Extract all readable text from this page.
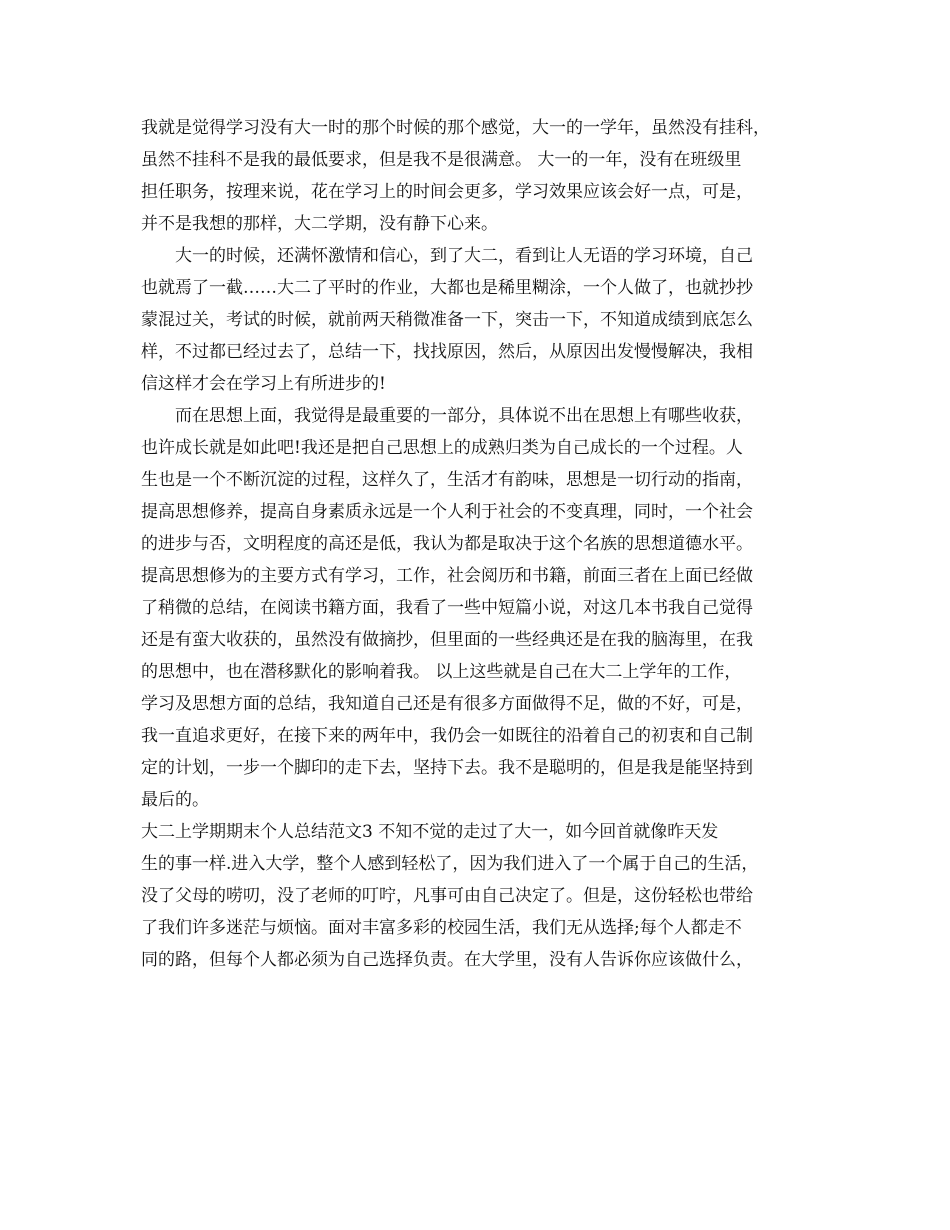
我就是觉得学习没有大一时的那个时候的那个感觉，大一的一学年，虽然没有挂科，
虽然不挂科不是我的最低要求，但是我不是很满意。 大一的一年，没有在班级里
担任职务，按理来说，花在学习上的时间会更多，学习效果应该会好一点，可是，
并不是我想的那样，大二学期，没有静下心来。
大一的时候，还满怀激情和信心，到了大二，看到让人无语的学习环境，自己
也就焉了一截……大二了平时的作业，大都也是稀里糊涂，一个人做了，也就抄抄
蒙混过关，考试的时候，就前两天稍微准备一下，突击一下，不知道成绩到底怎么
样，不过都已经过去了，总结一下，找找原因，然后，从原因出发慢慢解决，我相
信这样才会在学习上有所进步的!
而在思想上面，我觉得是最重要的一部分，具体说不出在思想上有哪些收获，
也许成长就是如此吧!我还是把自己思想上的成熟归类为自己成长的一个过程。人
生也是一个不断沉淀的过程，这样久了，生活才有韵味，思想是一切行动的指南，
提高思想修养，提高自身素质永远是一个人利于社会的不变真理，同时，一个社会
的进步与否，文明程度的高还是低，我认为都是取决于这个名族的思想道德水平。
提高思想修为的主要方式有学习，工作，社会阅历和书籍，前面三者在上面已经做
了稍微的总结，在阅读书籍方面，我看了一些中短篇小说，对这几本书我自己觉得
还是有蛮大收获的，虽然没有做摘抄，但里面的一些经典还是在我的脑海里，在我
的思想中，也在潜移默化的影响着我。 以上这些就是自己在大二上学年的工作，
学习及思想方面的总结，我知道自己还是有很多方面做得不足，做的不好，可是，
我一直追求更好，在接下来的两年中，我仍会一如既往的沿着自己的初衷和自己制
定的计划，一步一个脚印的走下去，坚持下去。我不是聪明的，但是我是能坚持到
最后的。
大二上学期期末个人总结范文3 不知不觉的走过了大一，如今回首就像昨天发
生的事一样.进入大学，整个人感到轻松了，因为我们进入了一个属于自己的生活，
没了父母的唠叨，没了老师的叮咛，凡事可由自己决定了。但是，这份轻松也带给
了我们许多迷茫与烦恼。面对丰富多彩的校园生活，我们无从选择;每个人都走不
同的路，但每个人都必须为自己选择负责。在大学里，没有人告诉你应该做什么，
